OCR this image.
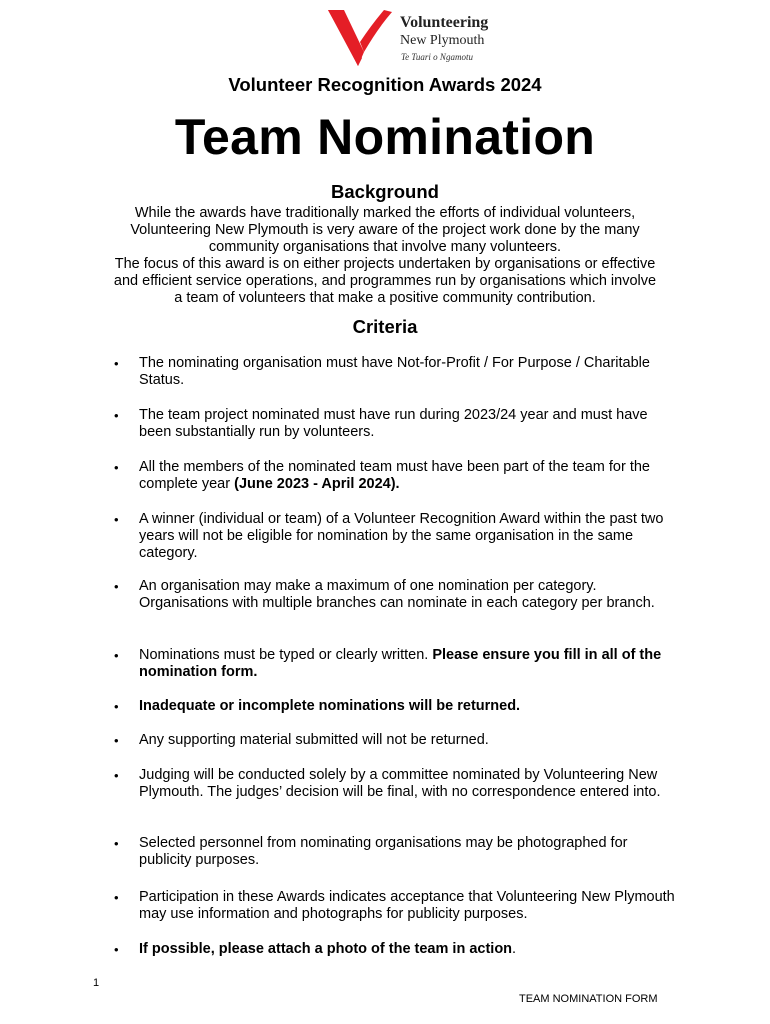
Volunteering
New Plymouth
Te Tuari o Ngamotu
Volunteer Recognition Awards 2024
Team Nomination
Background
While the awards have traditionally marked the efforts of individual volunteers,
Volunteering New Plymouth is very aware of the project work done by the many
community organisations that involve many volunteers.
The focus of this award is on either projects undertaken by organisations or effective
and efficient service operations, and programmes run by organisations which involve
a team of volunteers that make a positive community contribution.
Criteria
• The nominating organisation must have Not-for-Profit / For Purpose / Charitable Status.
• The team project nominated must have run during 2023/24 year and must have been substantially run by volunteers.
• All the members of the nominated team must have been part of the team for the complete year (June 2023 - April 2024).
• A winner (individual or team) of a Volunteer Recognition Award within the past two years will not be eligible for nomination by the same organisation in the same category.
• An organisation may make a maximum of one nomination per category. Organisations with multiple branches can nominate in each category per branch.
• Nominations must be typed or clearly written. Please ensure you fill in all of the nomination form.
• Inadequate or incomplete nominations will be returned.
• Any supporting material submitted will not be returned.
• Judging will be conducted solely by a committee nominated by Volunteering New Plymouth. The judges’ decision will be final, with no correspondence entered into.
• Selected personnel from nominating organisations may be photographed for publicity purposes.
• Participation in these Awards indicates acceptance that Volunteering New Plymouth may use information and photographs for publicity purposes.
• If possible, please attach a photo of the team in action.
1
TEAM NOMINATION FORM
